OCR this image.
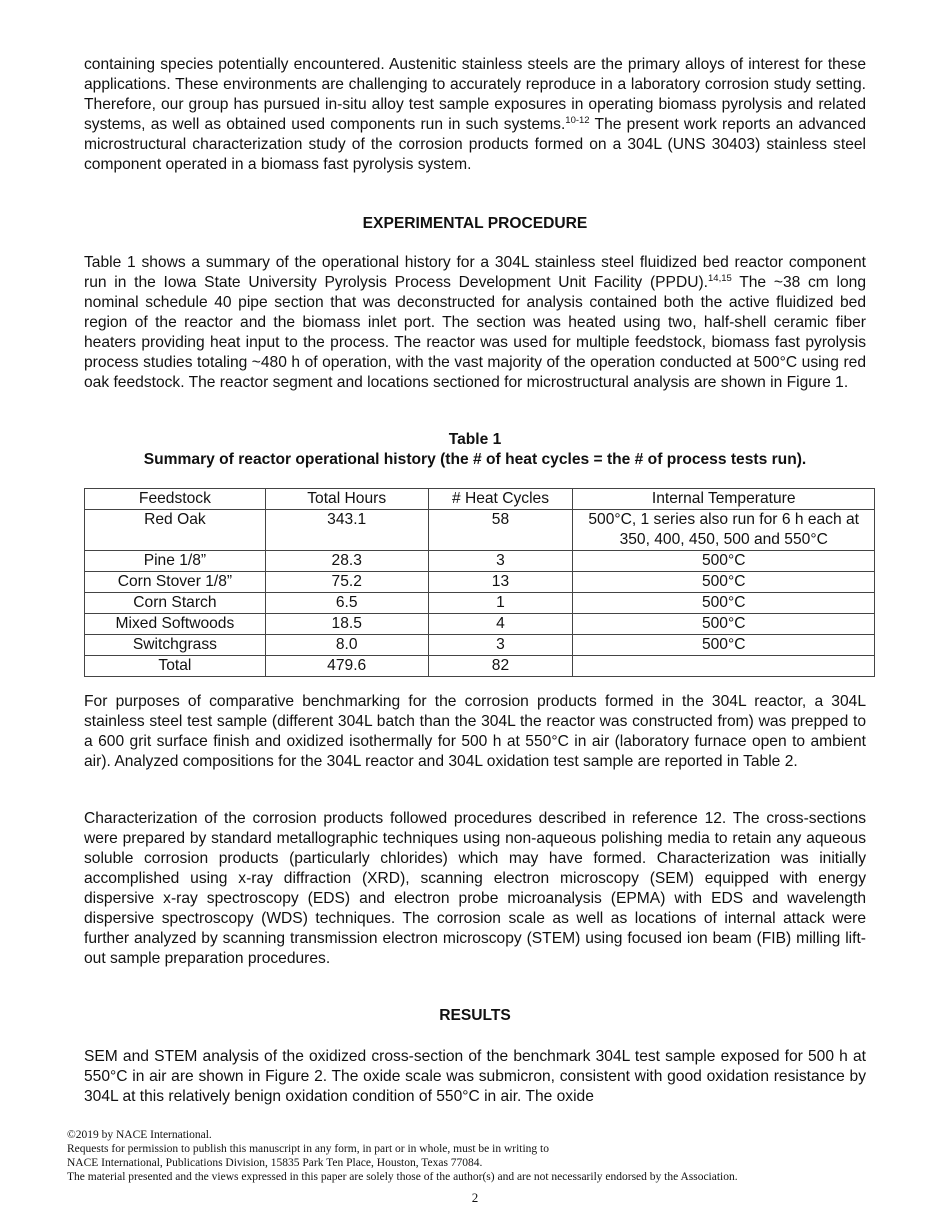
containing species potentially encountered. Austenitic stainless steels are the primary alloys of interest for these applications. These environments are challenging to accurately reproduce in a laboratory corrosion study setting. Therefore, our group has pursued in-situ alloy test sample exposures in operating biomass pyrolysis and related systems, as well as obtained used components run in such systems.$^{10-12}$ The present work reports an advanced microstructural characterization study of the corrosion products formed on a 304L (UNS 30403) stainless steel component operated in a biomass fast pyrolysis system.

EXPERIMENTAL PROCEDURE

Table 1 shows a summary of the operational history for a 304L stainless steel fluidized bed reactor component run in the Iowa State University Pyrolysis Process Development Unit Facility (PPDU).$^{14,15}$ The ~38 cm long nominal schedule 40 pipe section that was deconstructed for analysis contained both the active fluidized bed region of the reactor and the biomass inlet port. The section was heated using two, half-shell ceramic fiber heaters providing heat input to the process. The reactor was used for multiple feedstock, biomass fast pyrolysis process studies totaling ~480 h of operation, with the vast majority of the operation conducted at 500°C using red oak feedstock. The reactor segment and locations sectioned for microstructural analysis are shown in Figure 1.

Table 1
Summary of reactor operational history (the # of heat cycles = the # of process tests run).
Feedstock	Total Hours	# Heat Cycles	Internal Temperature
Red Oak	343.1	58	500°C, 1 series also run for 6 h each at 350, 400, 450, 500 and 550°C
Pine 1/8”	28.3	3	500°C
Corn Stover 1/8”	75.2	13	500°C
Corn Starch	6.5	1	500°C
Mixed Softwoods	18.5	4	500°C
Switchgrass	8.0	3	500°C
Total	479.6	82	

For purposes of comparative benchmarking for the corrosion products formed in the 304L reactor, a 304L stainless steel test sample (different 304L batch than the 304L the reactor was constructed from) was prepped to a 600 grit surface finish and oxidized isothermally for 500 h at 550°C in air (laboratory furnace open to ambient air). Analyzed compositions for the 304L reactor and 304L oxidation test sample are reported in Table 2.

Characterization of the corrosion products followed procedures described in reference 12. The cross-sections were prepared by standard metallographic techniques using non-aqueous polishing media to retain any aqueous soluble corrosion products (particularly chlorides) which may have formed. Characterization was initially accomplished using x-ray diffraction (XRD), scanning electron microscopy (SEM) equipped with energy dispersive x-ray spectroscopy (EDS) and electron probe microanalysis (EPMA) with EDS and wavelength dispersive spectroscopy (WDS) techniques. The corrosion scale as well as locations of internal attack were further analyzed by scanning transmission electron microscopy (STEM) using focused ion beam (FIB) milling lift-out sample preparation procedures.

RESULTS

SEM and STEM analysis of the oxidized cross-section of the benchmark 304L test sample exposed for 500 h at 550°C in air are shown in Figure 2. The oxide scale was submicron, consistent with good oxidation resistance by 304L at this relatively benign oxidation condition of 550°C in air. The oxide

©2019 by NACE International.
Requests for permission to publish this manuscript in any form, in part or in whole, must be in writing to
NACE International, Publications Division, 15835 Park Ten Place, Houston, Texas 77084.
The material presented and the views expressed in this paper are solely those of the author(s) and are not necessarily endorsed by the Association.
2
